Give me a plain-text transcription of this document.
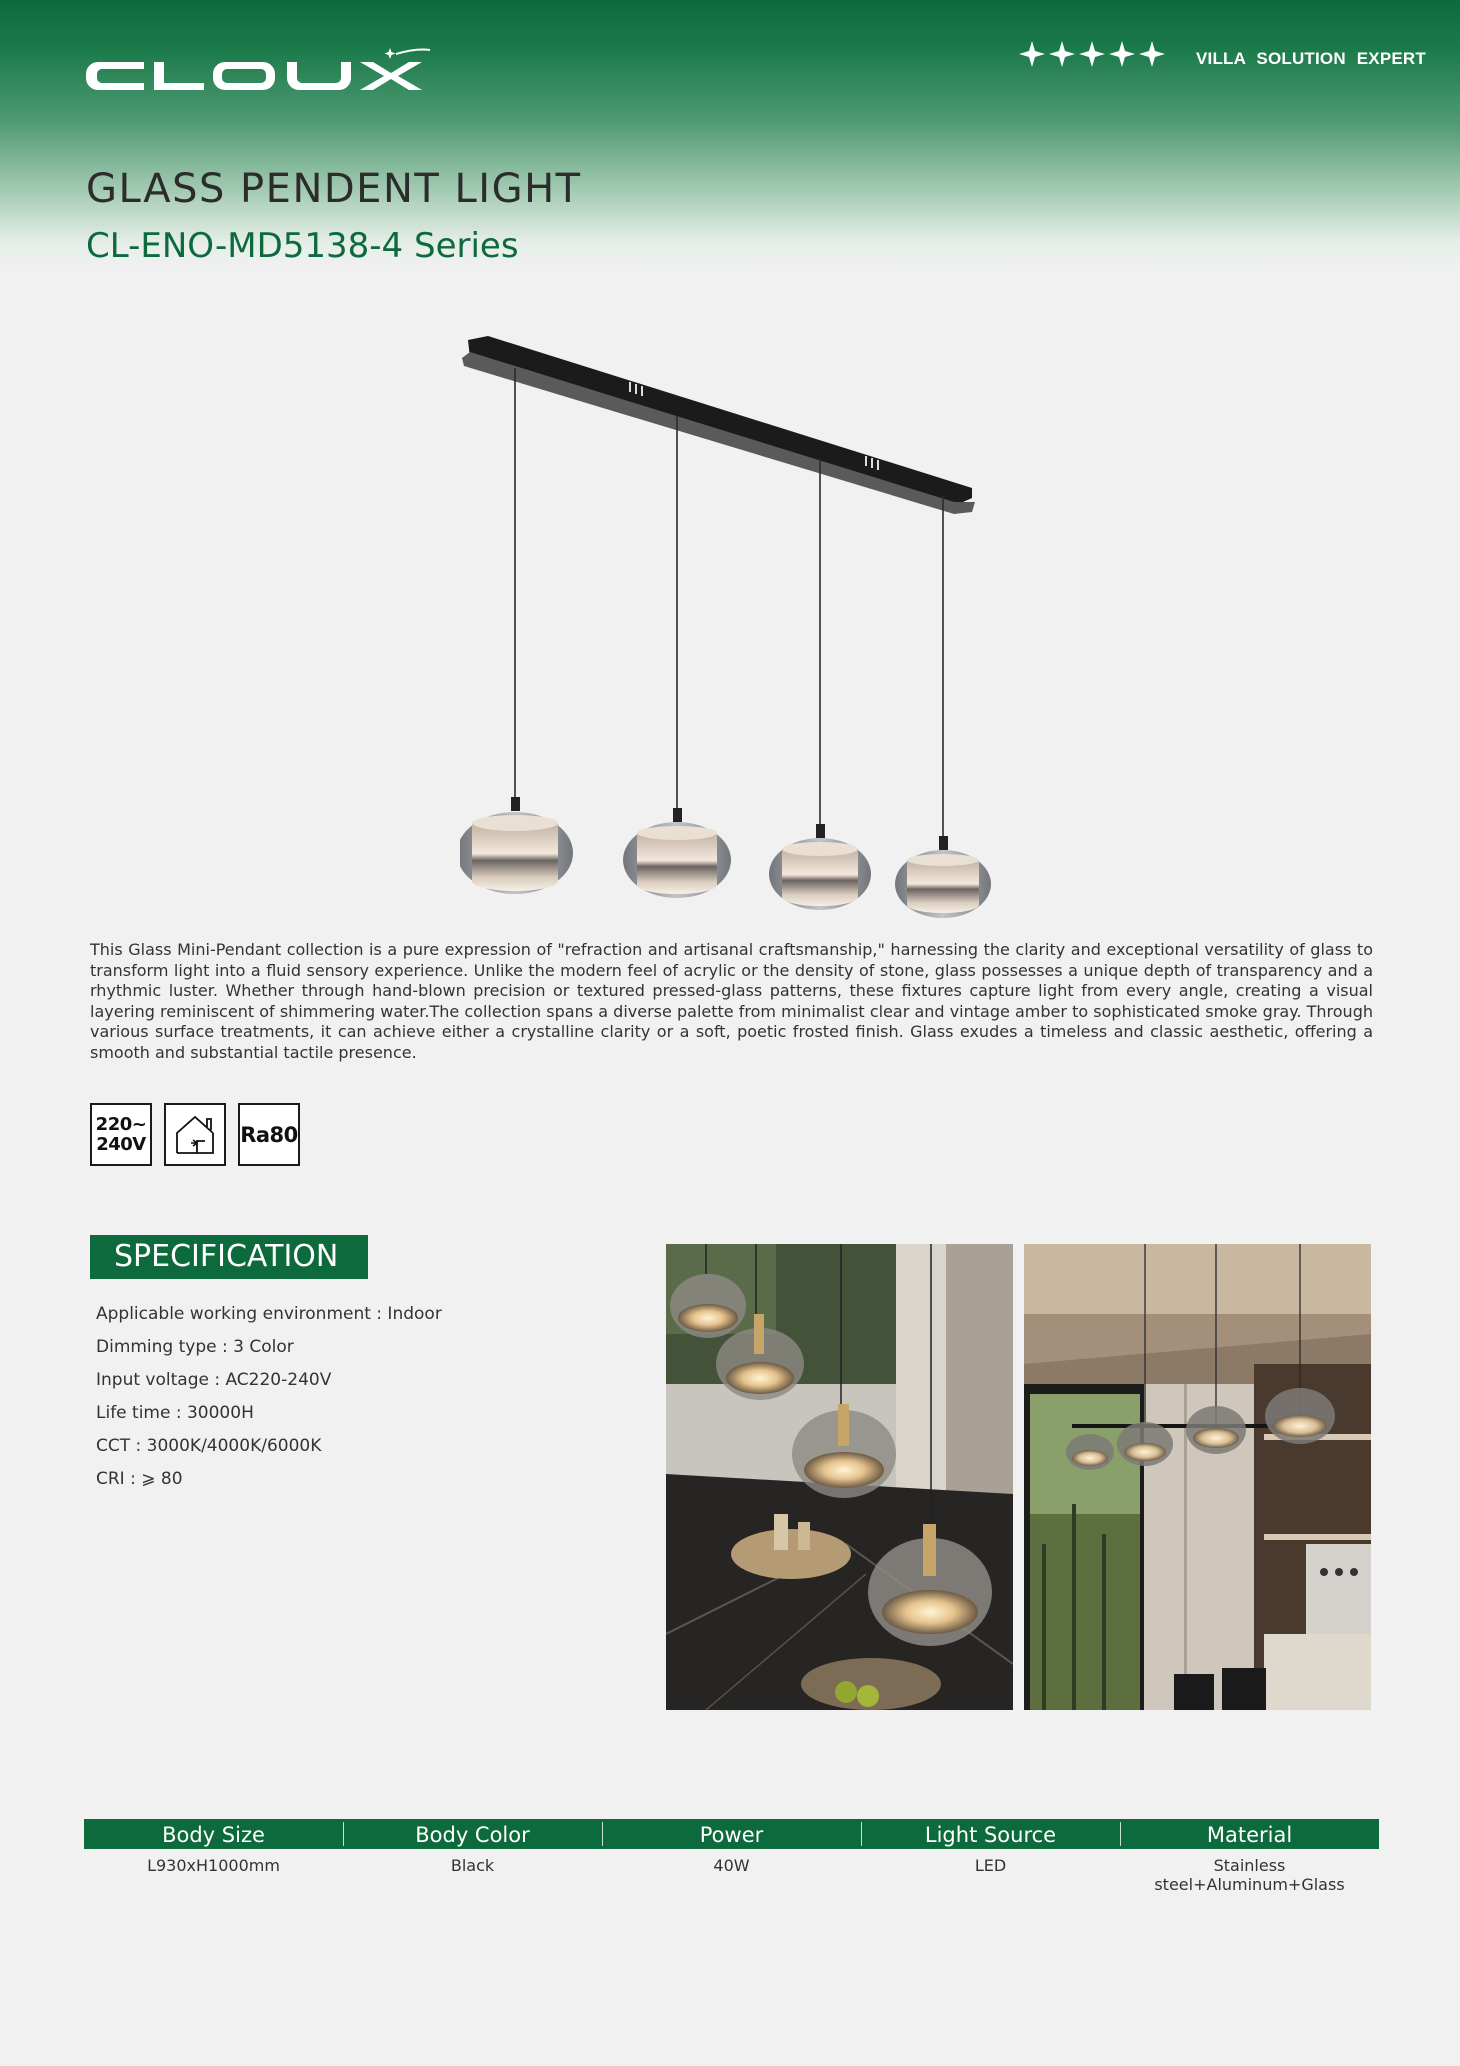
VILLA SOLUTION EXPERT
GLASS PENDENT LIGHT
CL-ENO-MD5138-4 Series

This Glass Mini-Pendant collection is a pure expression of "refraction and artisanal craftsmanship," harnessing the clarity and exceptional versatility of glass to transform light into a fluid sensory experience. Unlike the modern feel of acrylic or the density of stone, glass possesses a unique depth of transparency and a rhythmic luster. Whether through hand-blown precision or textured pressed-glass patterns, these fixtures capture light from every angle, creating a visual layering reminiscent of shimmering water.The collection spans a diverse palette from minimalist clear and vintage amber to sophisticated smoke gray. Through various surface treatments, it can achieve either a crystalline clarity or a soft, poetic frosted finish. Glass exudes a timeless and classic aesthetic, offering a smooth and substantial tactile presence.

220~
240V	Ra80
SPECIFICATION
Applicable working environment : Indoor
Dimming type : 3 Color
Input voltage : AC220-240V
Life time : 30000H
CCT : 3000K/4000K/6000K
CRI : ⩾ 80
Body Size	Body Color	Power	Light Source	Material
L930xH1000mm	Black	40W	LED	Stainless steel+Aluminum+Glass
